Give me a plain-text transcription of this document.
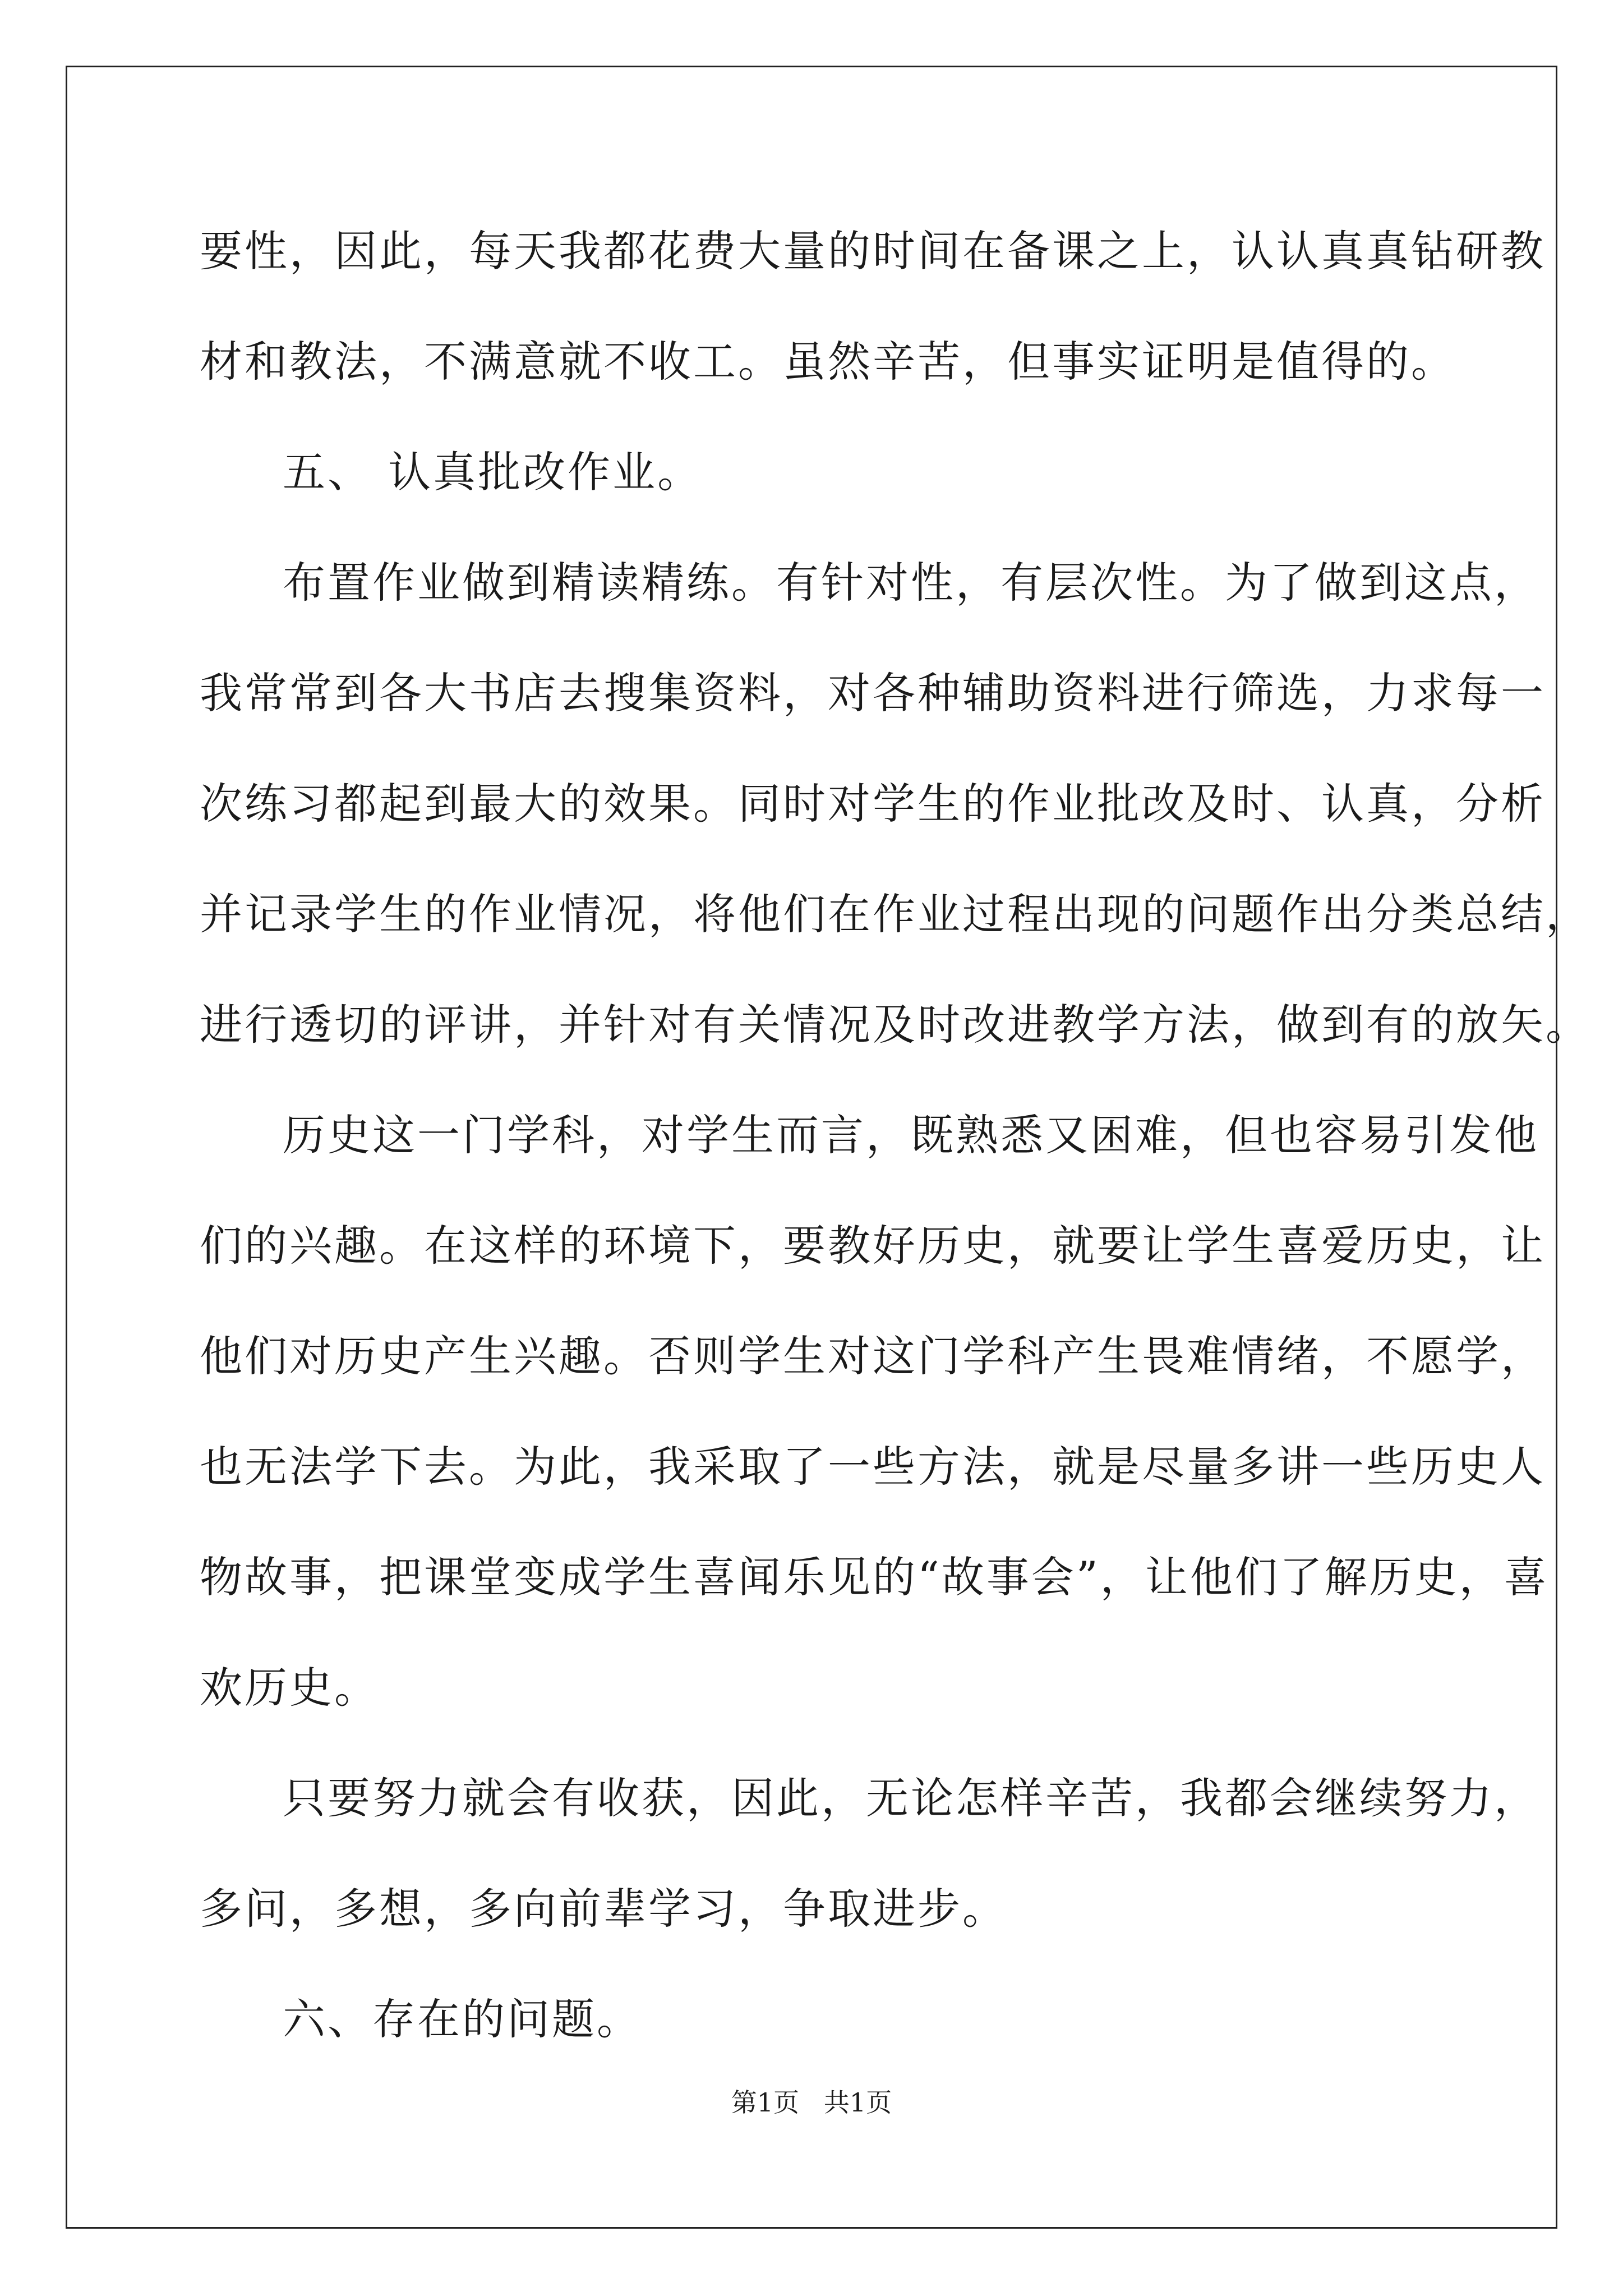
要性，因此，每天我都花费大量的时间在备课之上，认认真真钻研教
材和教法，不满意就不收工。虽然辛苦，但事实证明是值得的。
五、 认真批改作业。
布置作业做到精读精练。有针对性，有层次性。为了做到这点，
我常常到各大书店去搜集资料，对各种辅助资料进行筛选，力求每一
次练习都起到最大的效果。同时对学生的作业批改及时、认真，分析
并记录学生的作业情况，将他们在作业过程出现的问题作出分类总结，
进行透切的评讲，并针对有关情况及时改进教学方法，做到有的放矢。
历史这一门学科，对学生而言，既熟悉又困难，但也容易引发他
们的兴趣。在这样的环境下，要教好历史，就要让学生喜爱历史，让
他们对历史产生兴趣。否则学生对这门学科产生畏难情绪，不愿学，
也无法学下去。为此，我采取了一些方法，就是尽量多讲一些历史人
物故事，把课堂变成学生喜闻乐见的“故事会”，让他们了解历史，喜
欢历史。
只要努力就会有收获，因此，无论怎样辛苦，我都会继续努力，
多问，多想，多向前辈学习，争取进步。
六、存在的问题。
第1页   共1页
